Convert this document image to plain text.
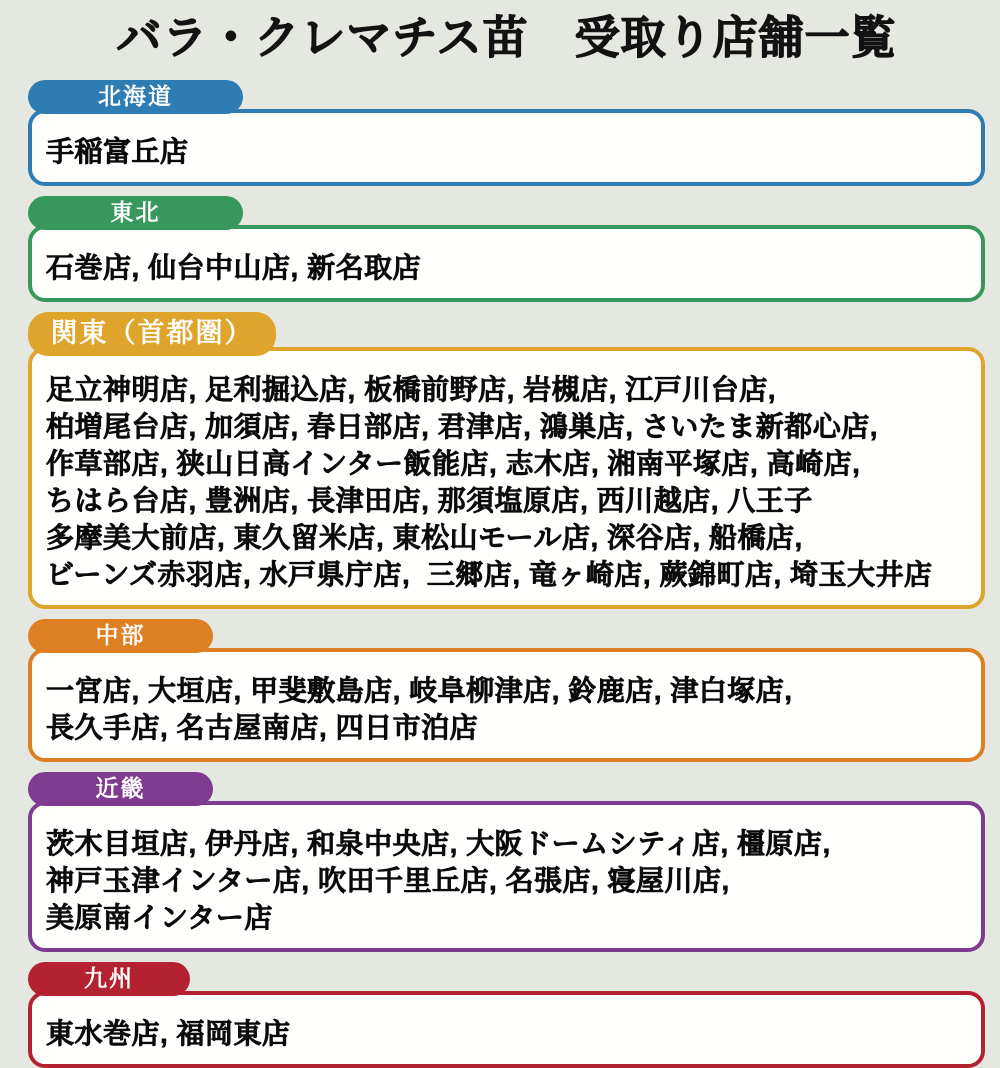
バラ・クレマチス苗　受取り店舗一覧
北海道
手稲富丘店
東北
石巻店, 仙台中山店, 新名取店
関東（首都圏）
足立神明店, 足利掘込店, 板橋前野店, 岩槻店, 江戸川台店,
柏増尾台店, 加須店, 春日部店, 君津店, 鴻巣店, さいたま新都心店,
作草部店, 狭山日高インター飯能店, 志木店, 湘南平塚店, 高崎店,
ちはら台店, 豊洲店, 長津田店, 那須塩原店, 西川越店, 八王子
多摩美大前店, 東久留米店, 東松山モール店, 深谷店, 船橋店,
ビーンズ赤羽店, 水戸県庁店,  三郷店, 竜ヶ崎店, 蕨錦町店, 埼玉大井店
中部
一宮店, 大垣店, 甲斐敷島店, 岐阜柳津店, 鈴鹿店, 津白塚店,
長久手店, 名古屋南店, 四日市泊店
近畿
茨木目垣店, 伊丹店, 和泉中央店, 大阪ドームシティ店, 橿原店,
神戸玉津インター店, 吹田千里丘店, 名張店, 寝屋川店,
美原南インター店
九州
東水巻店, 福岡東店
